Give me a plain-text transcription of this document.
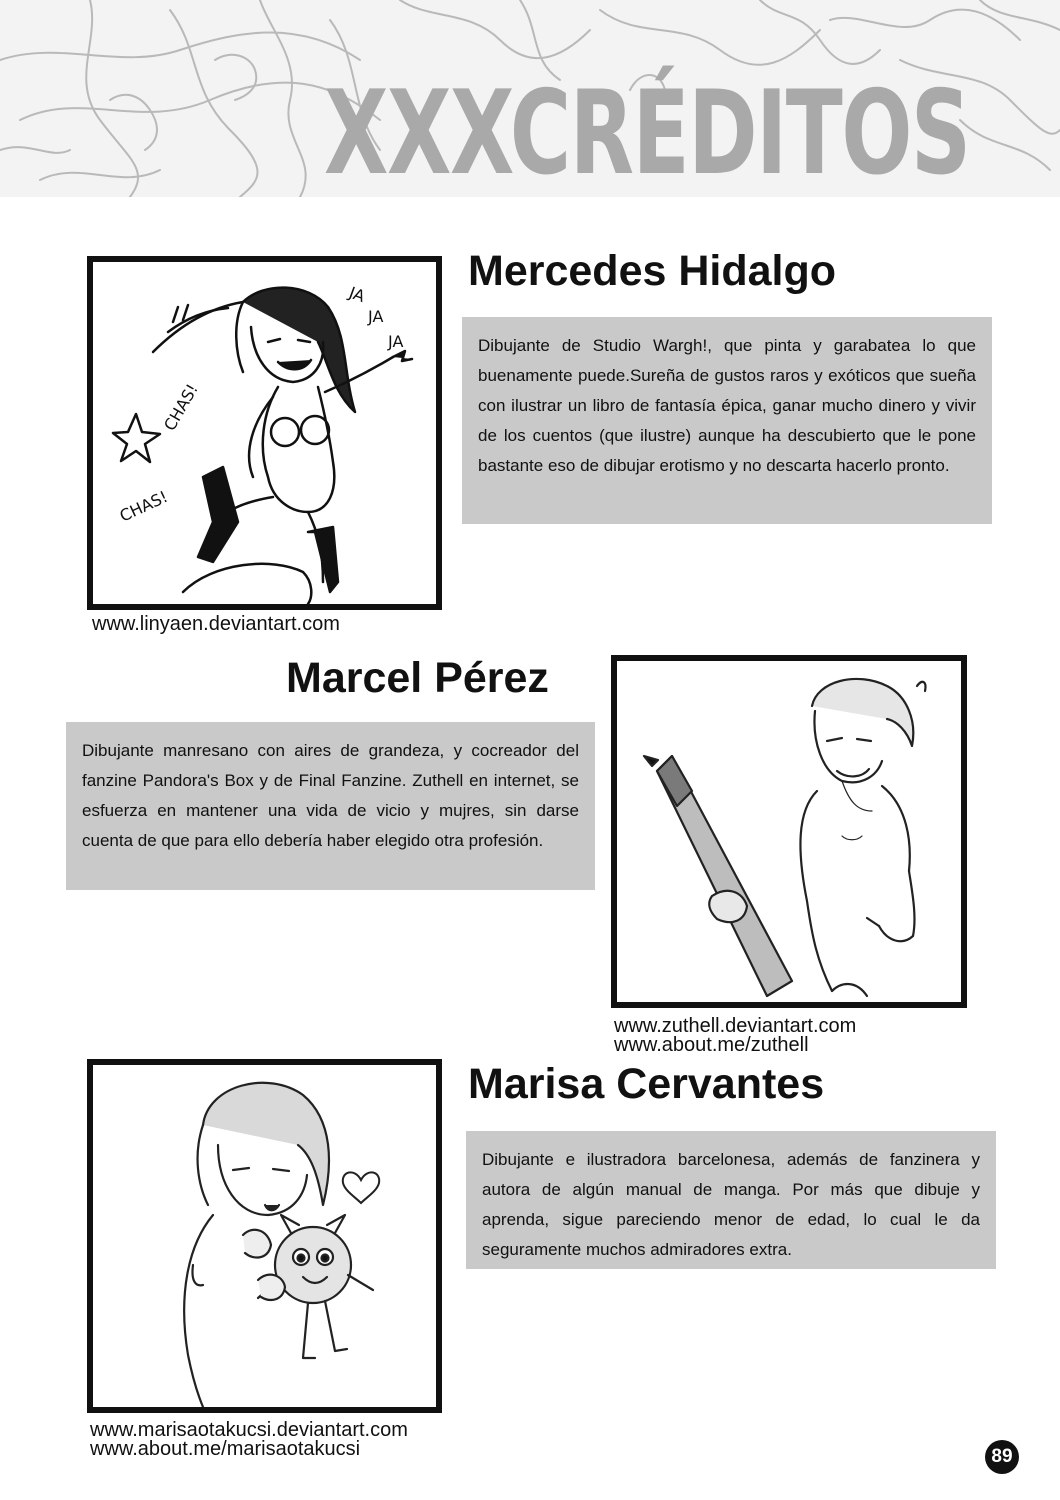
XXXCRÉDITOS
JA
JA
JA
CHAS!
CHAS!
Mercedes Hidalgo
Dibujante de Studio Wargh!, que pinta y garabatea lo que buenamente puede.Sureña de gustos raros y exóticos que sueña con ilustrar un libro de fantasía épica, ganar mucho dinero y vivir de los cuentos (que ilustre) aunque ha descubierto que le pone bastante eso de dibujar erotismo y no descarta hacerlo pronto.
www.linyaen.deviantart.com
Marcel Pérez
Dibujante manresano con aires de grandeza, y cocreador del fanzine Pandora's Box y de Final Fanzine. Zuthell en internet, se esfuerza en mantener una vida de vicio y mujres, sin darse cuenta de que para ello debería haber elegido otra profesión.
www.zuthell.deviantart.com
www.about.me/zuthell
Marisa Cervantes
Dibujante e ilustradora barcelonesa, además de fanzinera y autora de algún manual de manga. Por más que dibuje y aprenda, sigue pareciendo menor de edad, lo cual le da seguramente muchos admiradores extra.
www.marisaotakucsi.deviantart.com
www.about.me/marisaotakucsi	89
